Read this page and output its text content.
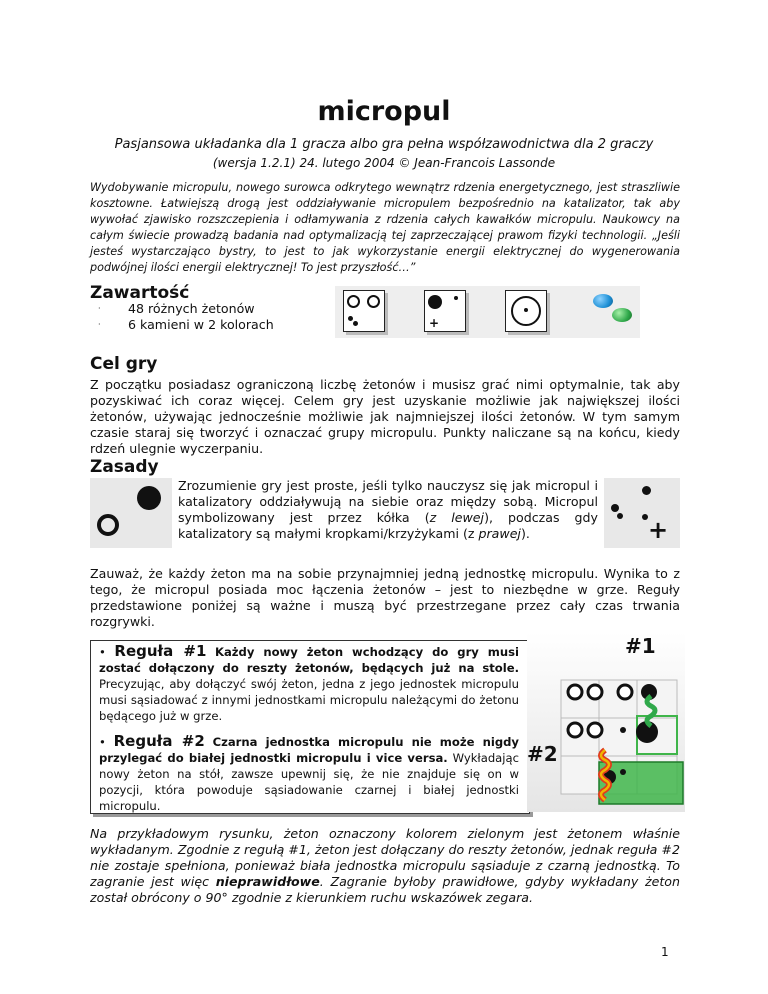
micropul
Pasjansowa układanka dla 1 gracza albo gra pełna współzawodnictwa dla 2 graczy
(wersja 1.2.1) 24. lutego 2004 © Jean-Francois Lassonde
Wydobywanie micropulu, nowego surowca odkrytego wewnątrz rdzenia energetycznego, jest straszliwie kosztowne. Łatwiejszą drogą jest oddziaływanie micropulem bezpośrednio na katalizator, tak aby wywołać zjawisko rozszczepienia i odłamywania z rdzenia całych kawałków micropulu. Naukowcy na całym świecie prowadzą badania nad optymalizacją tej zaprzeczającej prawom fizyki technologii. „Jeśli jesteś wystarczająco bystry, to jest to jak wykorzystanie energii elektrycznej do wygenerowania podwójnej ilości energii elektrycznej! To jest przyszłość…”
Zawartość
·	48 różnych żetonów
·	6 kamieni w 2 kolorach	+
Cel gry
Z początku posiadasz ograniczoną liczbę żetonów i musisz grać nimi optymalnie, tak aby pozyskiwać ich coraz więcej. Celem gry jest uzyskanie możliwie jak największej ilości żetonów, używając jednocześnie możliwie jak najmniejszej ilości żetonów. W tym samym czasie staraj się tworzyć i oznaczać grupy micropulu. Punkty naliczane są na końcu, kiedy rdzeń ulegnie wyczerpaniu.
Zasady
Zrozumienie gry jest proste, jeśli tylko nauczysz się jak micropul i katalizatory oddziaływują na siebie oraz między sobą. Micropul symbolizowany jest przez kółka (z lewej), podczas gdy katalizatory są małymi kropkami/krzyżykami (z prawej).	+
Zauważ, że każdy żeton ma na sobie przynajmniej jedną jednostkę micropulu. Wynika to z tego, że micropul posiada moc łączenia żetonów – jest to niezbędne w grze. Reguły przedstawione poniżej są ważne i muszą być przestrzegane przez cały czas trwania rozgrywki.
• Reguła #1 Każdy nowy żeton wchodzący do gry musi zostać dołączony do reszty żetonów, będących już na stole. Precyzując, aby dołączyć swój żeton, jedna z jego jednostek micropulu musi sąsiadować z innymi jednostkami micropulu należącymi do żetonu będącego już w grze.
• Reguła #2 Czarna jednostka micropulu nie może nigdy przylegać do białej jednostki micropulu i vice versa. Wykładając nowy żeton na stół, zawsze upewnij się, że nie znajduje się on w pozycji, która powoduje sąsiadowanie czarnej i białej jednostki micropulu.
#1
#2
Na przykładowym rysunku, żeton oznaczony kolorem zielonym jest żetonem właśnie wykładanym. Zgodnie z regułą #1, żeton jest dołączany do reszty żetonów, jednak reguła #2 nie zostaje spełniona, ponieważ biała jednostka micropulu sąsiaduje z czarną jednostką. To zagranie jest więc nieprawidłowe. Zagranie byłoby prawidłowe, gdyby wykładany żeton został obrócony o 90° zgodnie z kierunkiem ruchu wskazówek zegara.
1
